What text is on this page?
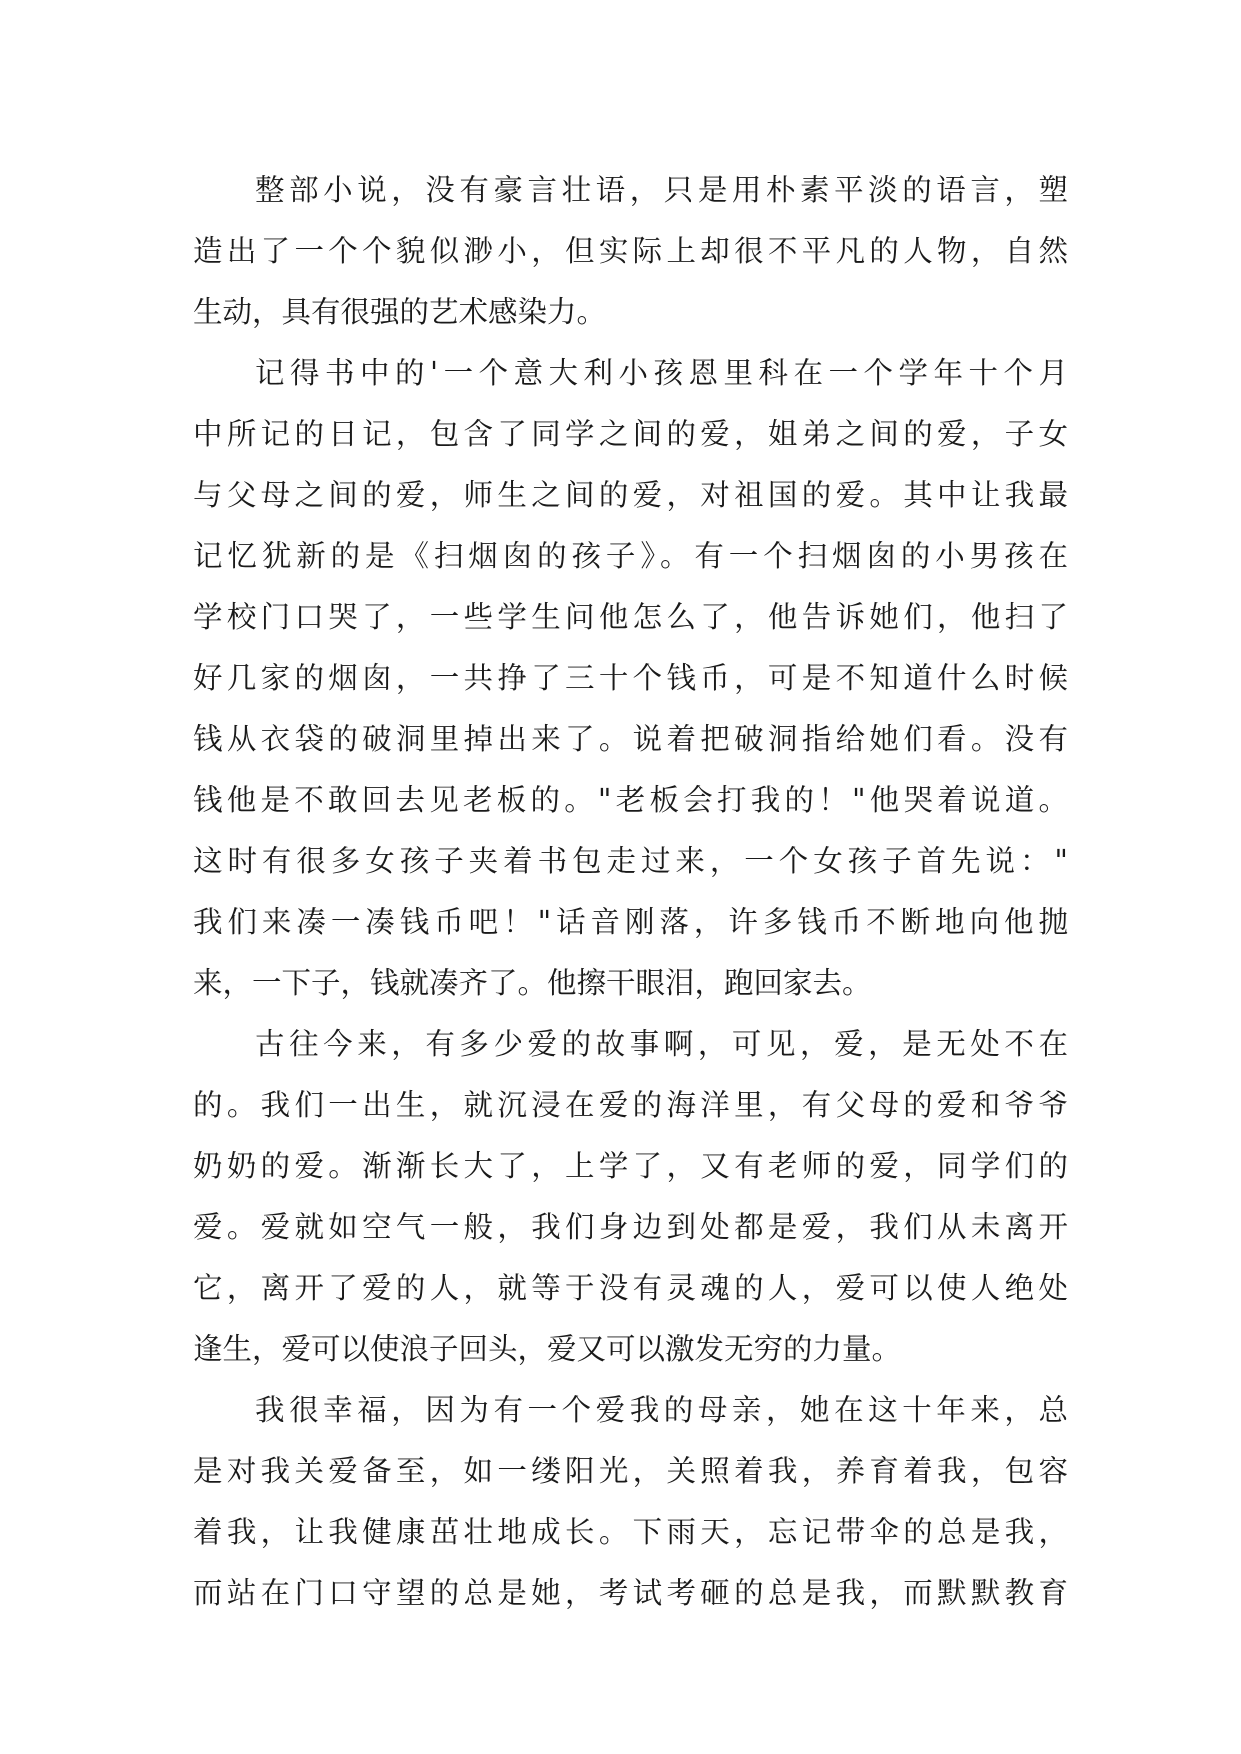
整部小说，没有豪言壮语，只是用朴素平淡的语言，塑
造出了一个个貌似渺小，但实际上却很不平凡的人物，自然
生动，具有很强的艺术感染力。
记得书中的'一个意大利小孩恩里科在一个学年十个月
中所记的日记，包含了同学之间的爱，姐弟之间的爱，子女
与父母之间的爱，师生之间的爱，对祖国的爱。其中让我最
记忆犹新的是《扫烟囱的孩子》。有一个扫烟囱的小男孩在
学校门口哭了，一些学生问他怎么了，他告诉她们，他扫了
好几家的烟囱，一共挣了三十个钱币，可是不知道什么时候
钱从衣袋的破洞里掉出来了。说着把破洞指给她们看。没有
钱他是不敢回去见老板的。"老板会打我的！"他哭着说道。
这时有很多女孩子夹着书包走过来，一个女孩子首先说："
我们来凑一凑钱币吧！"话音刚落，许多钱币不断地向他抛
来，一下子，钱就凑齐了。他擦干眼泪，跑回家去。
古往今来，有多少爱的故事啊，可见，爱，是无处不在
的。我们一出生，就沉浸在爱的海洋里，有父母的爱和爷爷
奶奶的爱。渐渐长大了，上学了，又有老师的爱，同学们的
爱。爱就如空气一般，我们身边到处都是爱，我们从未离开
它，离开了爱的人，就等于没有灵魂的人，爱可以使人绝处
逢生，爱可以使浪子回头，爱又可以激发无穷的力量。
我很幸福，因为有一个爱我的母亲，她在这十年来，总
是对我关爱备至，如一缕阳光，关照着我，养育着我，包容
着我，让我健康茁壮地成长。下雨天，忘记带伞的总是我，
而站在门口守望的总是她，考试考砸的总是我，而默默教育
